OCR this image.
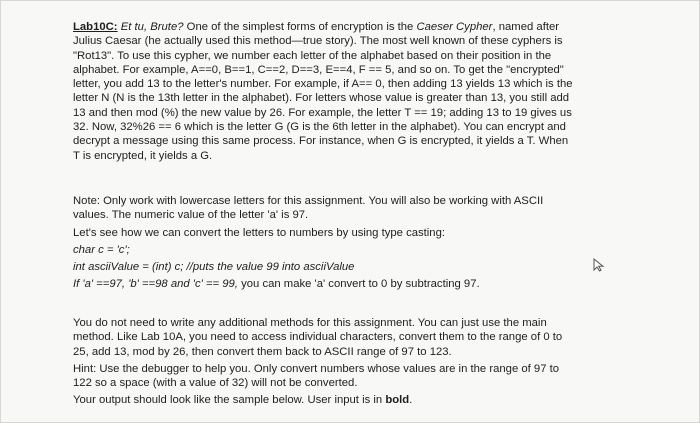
Lab10C: Et tu, Brute? One of the simplest forms of encryption is the Caeser Cypher, named after
Julius Caesar (he actually used this method—true story). The most well known of these cyphers is
"Rot13". To use this cypher, we number each letter of the alphabet based on their position in the
alphabet. For example, A==0, B==1, C==2, D==3, E==4, F == 5, and so on. To get the "encrypted"
letter, you add 13 to the letter's number. For example, if A== 0, then adding 13 yields 13 which is the
letter N (N is the 13th letter in the alphabet). For letters whose value is greater than 13, you still add
13 and then mod (%) the new value by 26. For example, the letter T == 19; adding 13 to 19 gives us
32. Now, 32%26 == 6 which is the letter G (G is the 6th letter in the alphabet). You can encrypt and
decrypt a message using this same process. For instance, when G is encrypted, it yields a T. When
T is encrypted, it yields a G.
Note: Only work with lowercase letters for this assignment. You will also be working with ASCII
values. The numeric value of the letter 'a' is 97.
Let's see how we can convert the letters to numbers by using type casting:
char c = 'c';
int asciiValue = (int) c; //puts the value 99 into asciiValue
If 'a' ==97, 'b' ==98 and 'c' == 99, you can make 'a' convert to 0 by subtracting 97.
You do not need to write any additional methods for this assignment. You can just use the main
method. Like Lab 10A, you need to access individual characters, convert them to the range of 0 to
25, add 13, mod by 26, then convert them back to ASCII range of 97 to 123.
Hint: Use the debugger to help you. Only convert numbers whose values are in the range of 97 to
122 so a space (with a value of 32) will not be converted.
Your output should look like the sample below. User input is in bold.
